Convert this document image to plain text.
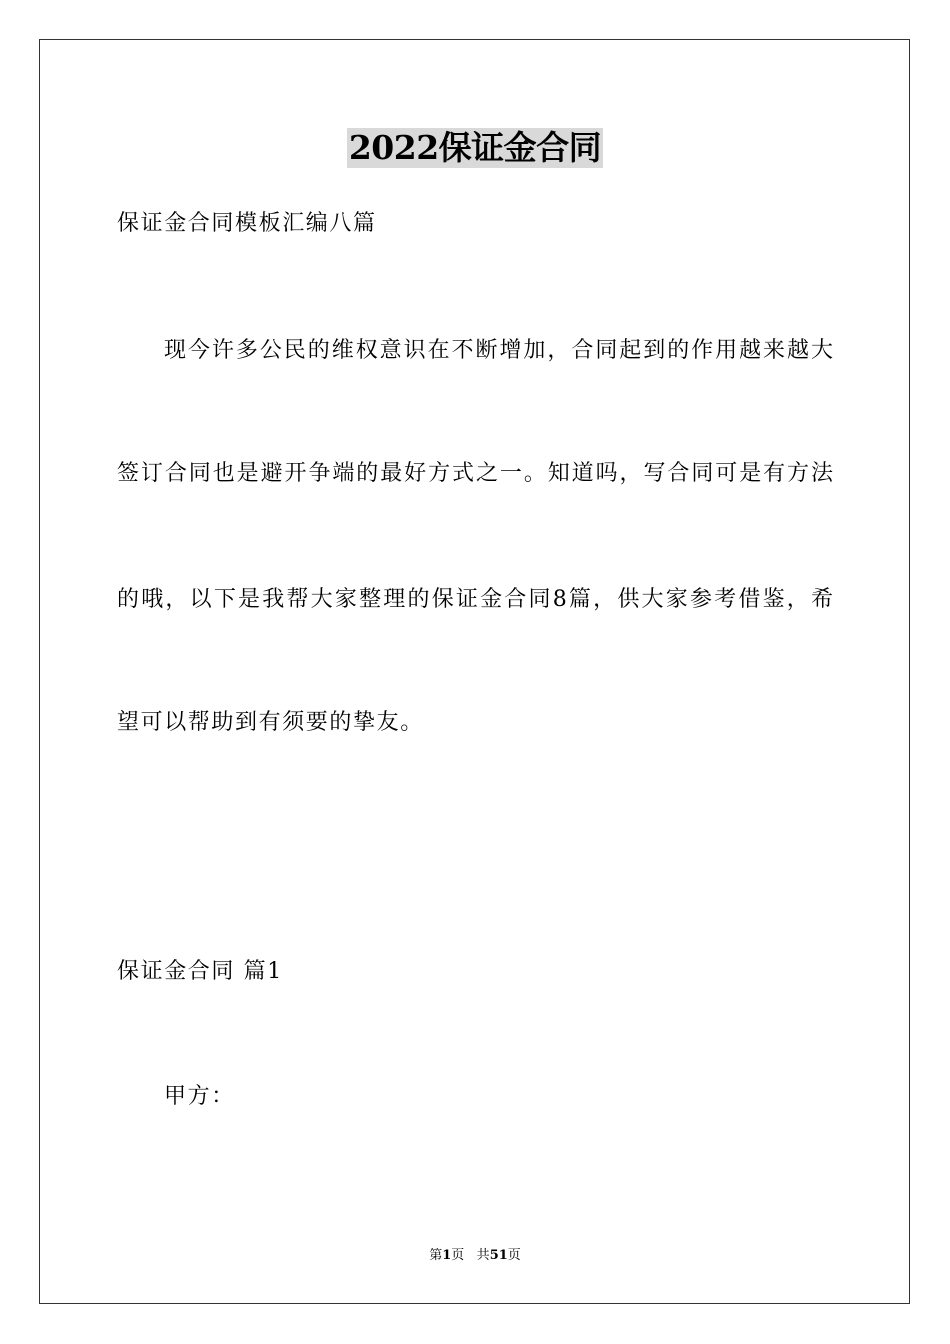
2022保证金合同
保证金合同模板汇编八篇
现今许多公民的维权意识在不断增加，合同起到的作用越来越大
签订合同也是避开争端的最好方式之一。知道吗，写合同可是有方法
的哦，以下是我帮大家整理的保证金合同8篇，供大家参考借鉴，希
望可以帮助到有须要的挚友。
保证金合同 篇1
甲方：
第1页 共51页
